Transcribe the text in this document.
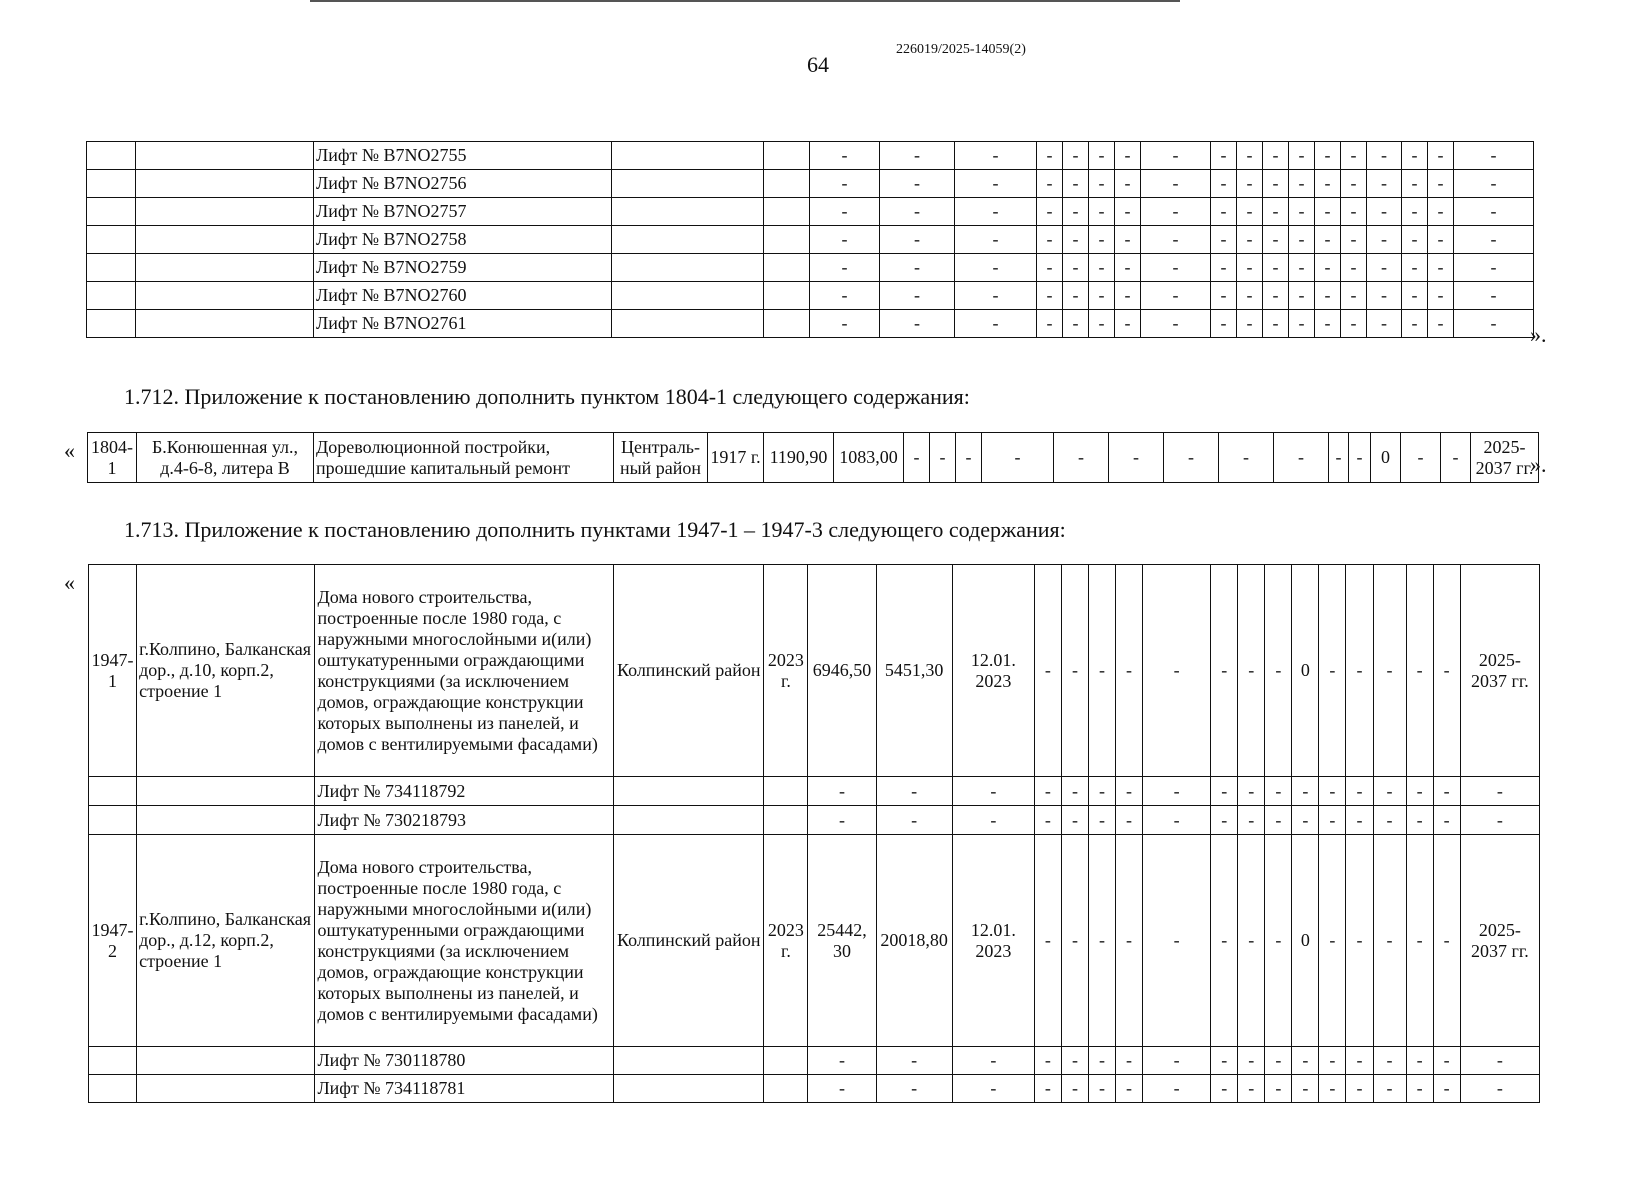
64
226019/2025-14059(2)
		Лифт № B7NO2755			-	-	-	-	-	-	-	-	-	-	-	-	-	-	-	-	-	-
		Лифт № B7NO2756			-	-	-	-	-	-	-	-	-	-	-	-	-	-	-	-	-	-
		Лифт № B7NO2757			-	-	-	-	-	-	-	-	-	-	-	-	-	-	-	-	-	-
		Лифт № B7NO2758			-	-	-	-	-	-	-	-	-	-	-	-	-	-	-	-	-	-
		Лифт № B7NO2759			-	-	-	-	-	-	-	-	-	-	-	-	-	-	-	-	-	-
		Лифт № B7NO2760			-	-	-	-	-	-	-	-	-	-	-	-	-	-	-	-	-	-
		Лифт № B7NO2761			-	-	-	-	-	-	-	-	-	-	-	-	-	-	-	-	-	- ».
1.712. Приложение к постановлению дополнить пунктом 1804-1 следующего содержания:
« 1804-1	Б.Конюшенная ул., д.4-6-8, литера В	Дореволюционной постройки, прошедшие капитальный ремонт	Централь-ный район	1917 г.	1190,90	1083,00	-	-	-	-	-	-	-	-	-	-	-	0	-	-	2025-2037 гг.
».
1.713. Приложение к постановлению дополнить пунктами 1947-1 – 1947-3 следующего содержания:
«
1947-1	г.Колпино, Балканская дор., д.10, корп.2, строение 1	Дома нового строительства, построенные после 1980 года, с наружными многослойными и(или) оштукатуренными ограждающими конструкциями (за исключением домов, ограждающие конструкции которых выполнены из панелей, и домов с вентилируемыми фасадами)	Колпинский район	2023 г.	6946,50	5451,30	12.01. 2023	-	-	-	-	-	-	-	-	0	-	-	-	-	-	2025-2037 гг.
		Лифт № 734118792			-	-	-	-	-	-	-	-	-	-	-	-	-	-	-	-	-	-
		Лифт № 730218793			-	-	-	-	-	-	-	-	-	-	-	-	-	-	-	-	-	-
1947-2	г.Колпино, Балканская дор., д.12, корп.2, строение 1	Дома нового строительства, построенные после 1980 года, с наружными многослойными и(или) оштукатуренными ограждающими конструкциями (за исключением домов, ограждающие конструкции которых выполнены из панелей, и домов с вентилируемыми фасадами)	Колпинский район	2023 г.	25442, 30	20018,80	12.01. 2023	-	-	-	-	-	-	-	-	0	-	-	-	-	-	2025-2037 гг.
		Лифт № 730118780			-	-	-	-	-	-	-	-	-	-	-	-	-	-	-	-	-	-
		Лифт № 734118781			-	-	-	-	-	-	-	-	-	-	-	-	-	-	-	-	-	-
